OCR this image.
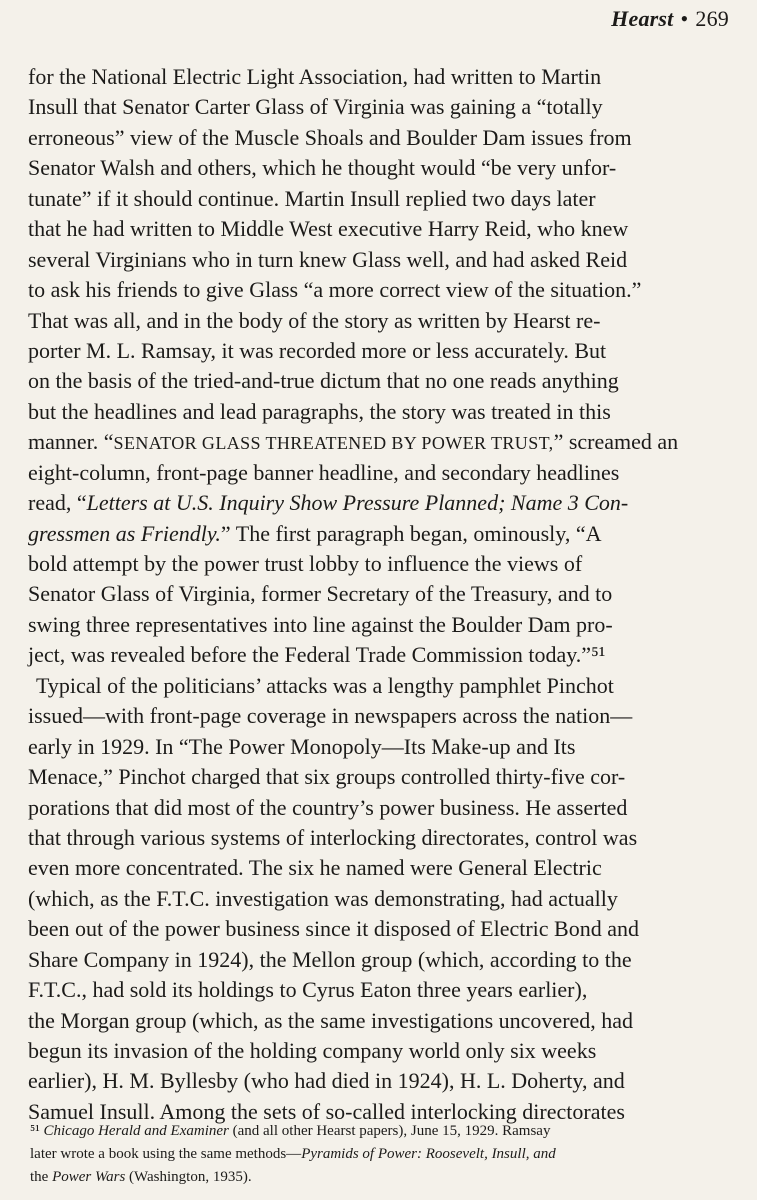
Hearst • 269
for the National Electric Light Association, had written to Martin
Insull that Senator Carter Glass of Virginia was gaining a “totally
erroneous” view of the Muscle Shoals and Boulder Dam issues from
Senator Walsh and others, which he thought would “be very unfor-
tunate” if it should continue. Martin Insull replied two days later
that he had written to Middle West executive Harry Reid, who knew
several Virginians who in turn knew Glass well, and had asked Reid
to ask his friends to give Glass “a more correct view of the situation.”
That was all, and in the body of the story as written by Hearst re-
porter M. L. Ramsay, it was recorded more or less accurately. But
on the basis of the tried-and-true dictum that no one reads anything
but the headlines and lead paragraphs, the story was treated in this
manner. “SENATOR GLASS THREATENED BY POWER TRUST,” screamed an
eight-column, front-page banner headline, and secondary headlines
read, “Letters at U.S. Inquiry Show Pressure Planned; Name 3 Con-
gressmen as Friendly.” The first paragraph began, ominously, “A
bold attempt by the power trust lobby to influence the views of
Senator Glass of Virginia, former Secretary of the Treasury, and to
swing three representatives into line against the Boulder Dam pro-
ject, was revealed before the Federal Trade Commission today.”⁵¹
Typical of the politicians’ attacks was a lengthy pamphlet Pinchot
issued—with front-page coverage in newspapers across the nation—
early in 1929. In “The Power Monopoly—Its Make-up and Its
Menace,” Pinchot charged that six groups controlled thirty-five cor-
porations that did most of the country’s power business. He asserted
that through various systems of interlocking directorates, control was
even more concentrated. The six he named were General Electric
(which, as the F.T.C. investigation was demonstrating, had actually
been out of the power business since it disposed of Electric Bond and
Share Company in 1924), the Mellon group (which, according to the
F.T.C., had sold its holdings to Cyrus Eaton three years earlier),
the Morgan group (which, as the same investigations uncovered, had
begun its invasion of the holding company world only six weeks
earlier), H. M. Byllesby (who had died in 1924), H. L. Doherty, and
Samuel Insull. Among the sets of so-called interlocking directorates
⁵¹ Chicago Herald and Examiner (and all other Hearst papers), June 15, 1929. Ramsay
later wrote a book using the same methods—Pyramids of Power: Roosevelt, Insull, and
the Power Wars (Washington, 1935).
